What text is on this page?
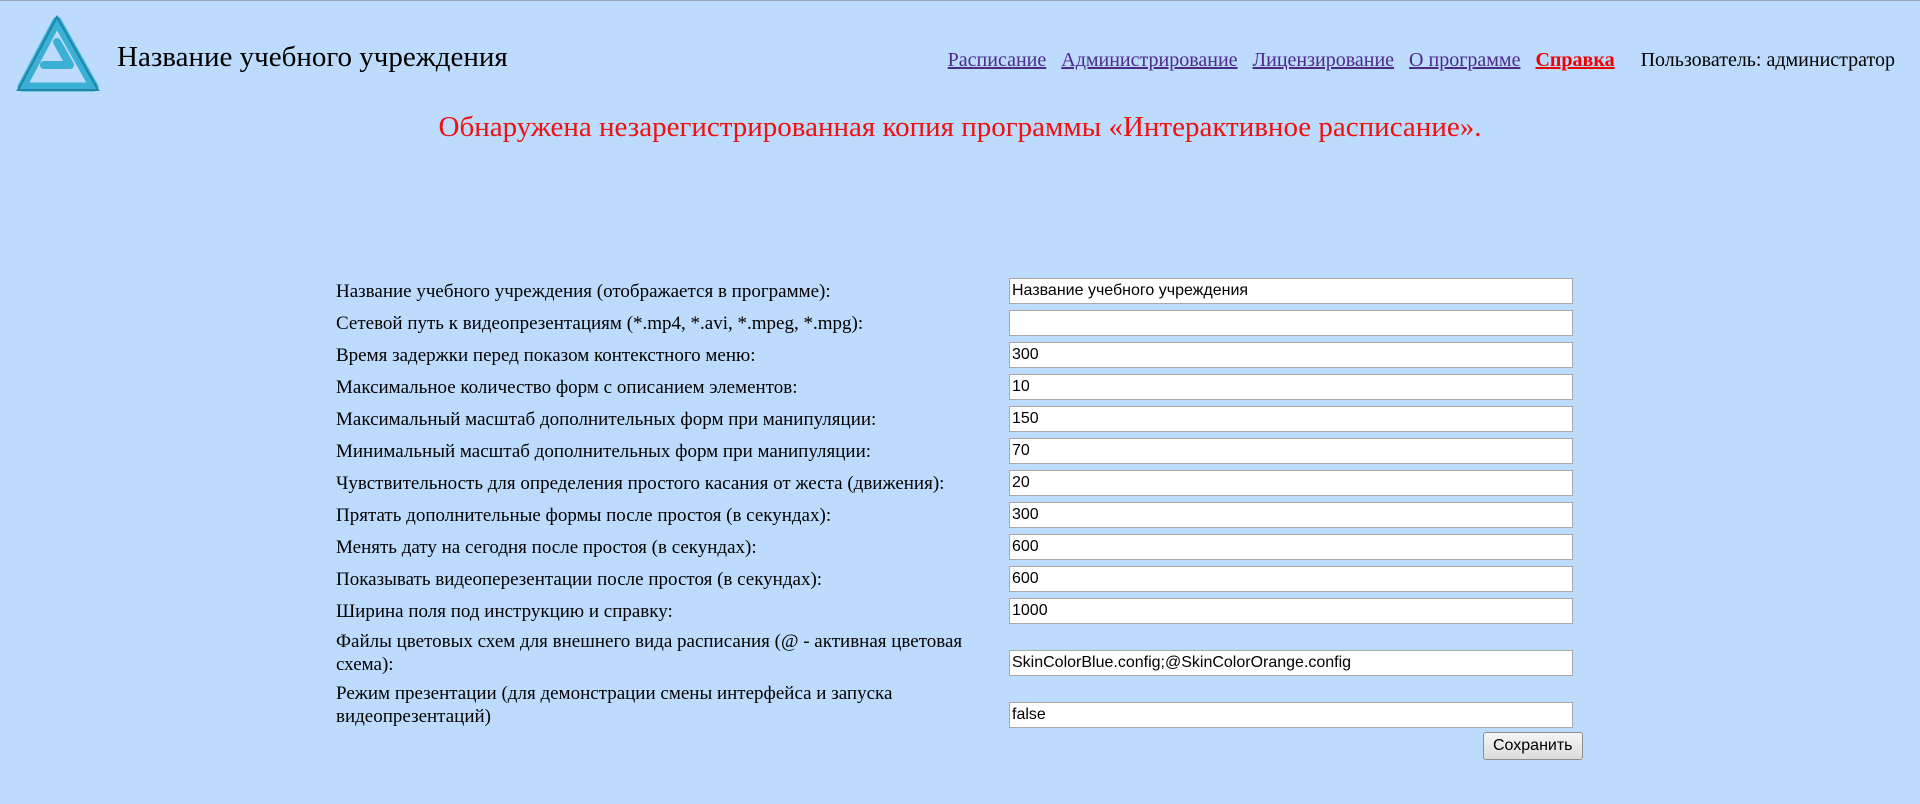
Название учебного учреждения	Расписание Администрирование Лицензирование О программе Справка Пользователь: администратор
Обнаружена незарегистрированная копия программы «Интерактивное расписание».
Название учебного учреждения (отображается в программе):
Название учебного учреждения
Сетевой путь к видеопрезентациям (*.mp4, *.avi, *.mpeg, *.mpg):
Время задержки перед показом контекстного меню:
300
Максимальное количество форм с описанием элементов:
10
Максимальный масштаб дополнительных форм при манипуляции:
150
Минимальный масштаб дополнительных форм при манипуляции:
70
Чувствительность для определения простого касания от жеста (движения):
20
Прятать дополнительные формы после простоя (в секундах):
300
Менять дату на сегодня после простоя (в секундах):
600
Показывать видеоперезентации после простоя (в секундах):
600
Ширина поля под инструкцию и справку:
1000
Файлы цветовых схем для внешнего вида расписания (@ - активная цветовая схема):
SkinColorBlue.config;@SkinColorOrange.config
Режим презентации (для демонстрации смены интерфейса и запуска видеопрезентаций)
false
Сохранить
